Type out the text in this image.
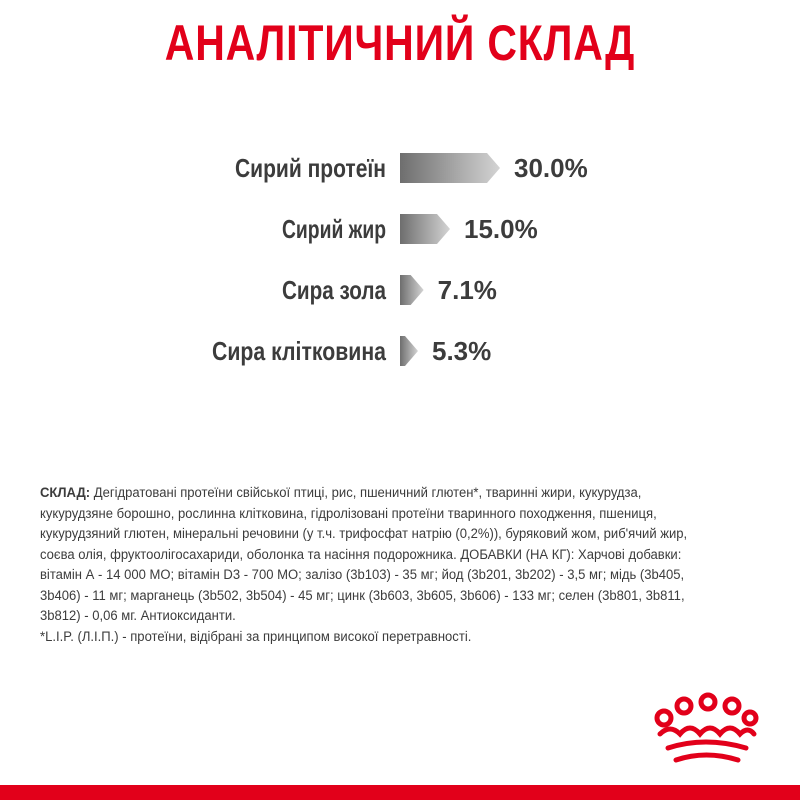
АНАЛІТИЧНИЙ СКЛАД
Сирий протеїн	30.0%
Сирий жир	15.0%
Сира зола 7.1%
Сира клітковина 5.3%
СКЛАД: Дегідратовані протеїни свійської птиці, рис, пшеничний глютен*, тваринні жири, кукурудза,
кукурудзяне борошно, рослинна клітковина, гідролізовані протеїни тваринного походження, пшениця,
кукурудзяний глютен, мінеральні речовини (у т.ч. трифосфат натрію (0,2%)), буряковий жом, риб'ячий жир,
соєва олія, фруктоолігосахариди, оболонка та насіння подорожника. ДОБАВКИ (НА КГ): Харчові добавки:
вітамін А - 14 000 МО; вітамін D3 - 700 МО; залізо (3b103) - 35 мг; йод (3b201, 3b202) - 3,5 мг; мідь (3b405,
3b406) - 11 мг; марганець (3b502, 3b504) - 45 мг; цинк (3b603, 3b605, 3b606) - 133 мг; селен (3b801, 3b811,
3b812) - 0,06 мг. Антиоксиданти.
*L.I.P. (Л.І.П.) - протеїни, відібрані за принципом високої перетравності.
